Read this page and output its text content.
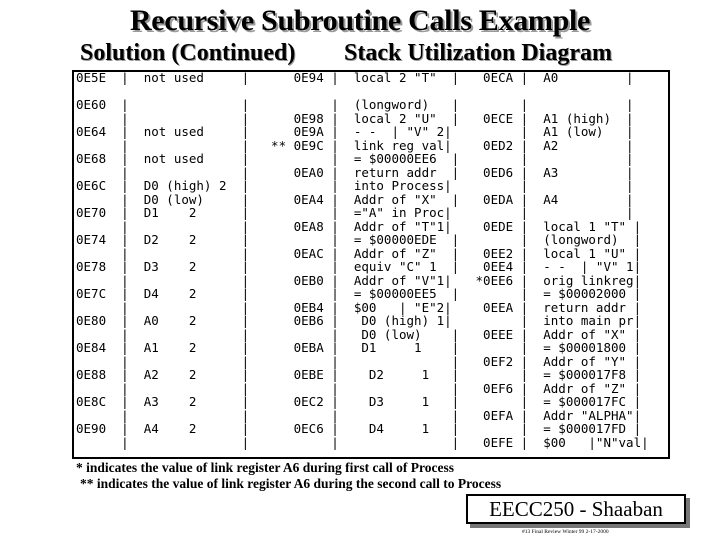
Recursive Subroutine Calls Example
Solution (Continued) Stack Utilization Diagram
0E5E  |  not used     |

0E60  |               |
|               |
0E64  |  not used     |
|               |
0E68  |  not used     |
|               |
0E6C  |  D0 (high) 2  |
|  D0 (low)     |
0E70  |  D1    2      |
|               |
0E74  |  D2    2      |
|               |
0E78  |  D3    2      |
|               |
0E7C  |  D4    2      |
|               |
0E80  |  A0    2      |
|               |
0E84  |  A1    2      |
|               |
0E88  |  A2    2      |
|               |
0E8C  |  A3    2      |
|               |
0E90  |  A4    2      |
|               |
0E94 |  local 2 "T"  |

|  (longword)   |
0E98 |  local 2 "U"  |
0E9A |  - -  | "V" 2|
** 0E9C |  link reg val|
|  = $00000EE6  |
0EA0 |  return addr  |
|  into Process|
0EA4 |  Addr of "X"  |
|  ="A" in Proc|
0EA8 |  Addr of "T"1|
|  = $00000EDE  |
0EAC |  Addr of "Z"  |
|  equiv "C" 1  |
0EB0 |  Addr of "V"1|
|  = $00000EE5  |
0EB4 |  $00   | "E"2|
0EB6 |   D0 (high) 1|
|   D0 (low)    |
0EBA |   D1     1    |
|               |
0EBE |    D2     1   |
|               |
0EC2 |    D3     1   |
|               |
0EC6 |    D4     1   |
|               |
0ECA |  A0         |

|             |
0ECE |  A1 (high)  |
|  A1 (low)   |
0ED2 |  A2         |
|             |
0ED6 |  A3         |
|             |
0EDA |  A4         |
|             |
0EDE |  local 1 "T" |
|  (longword)  |
0EE2 |  local 1 "U" |
0EE4 |  - -  | "V" 1|
*0EE6 |  orig linkreg|
|  = $00002000 |
0EEA |  return addr |
|  into main pr|
0EEE |  Addr of "X" |
|  = $00001800 |
0EF2 |  Addr of "Y" |
|  = $000017F8 |
0EF6 |  Addr of "Z" |
|  = $000017FC |
0EFA |  Addr "ALPHA"|
|  = $000017FD |
0EFE |  $00   |"N"val|
* indicates the value of link register A6 during first call of Process
** indicates the value of link register A6 during the second call to Process
EECC250 - Shaaban
#13 Final Review Winter 99 2-17-2000
